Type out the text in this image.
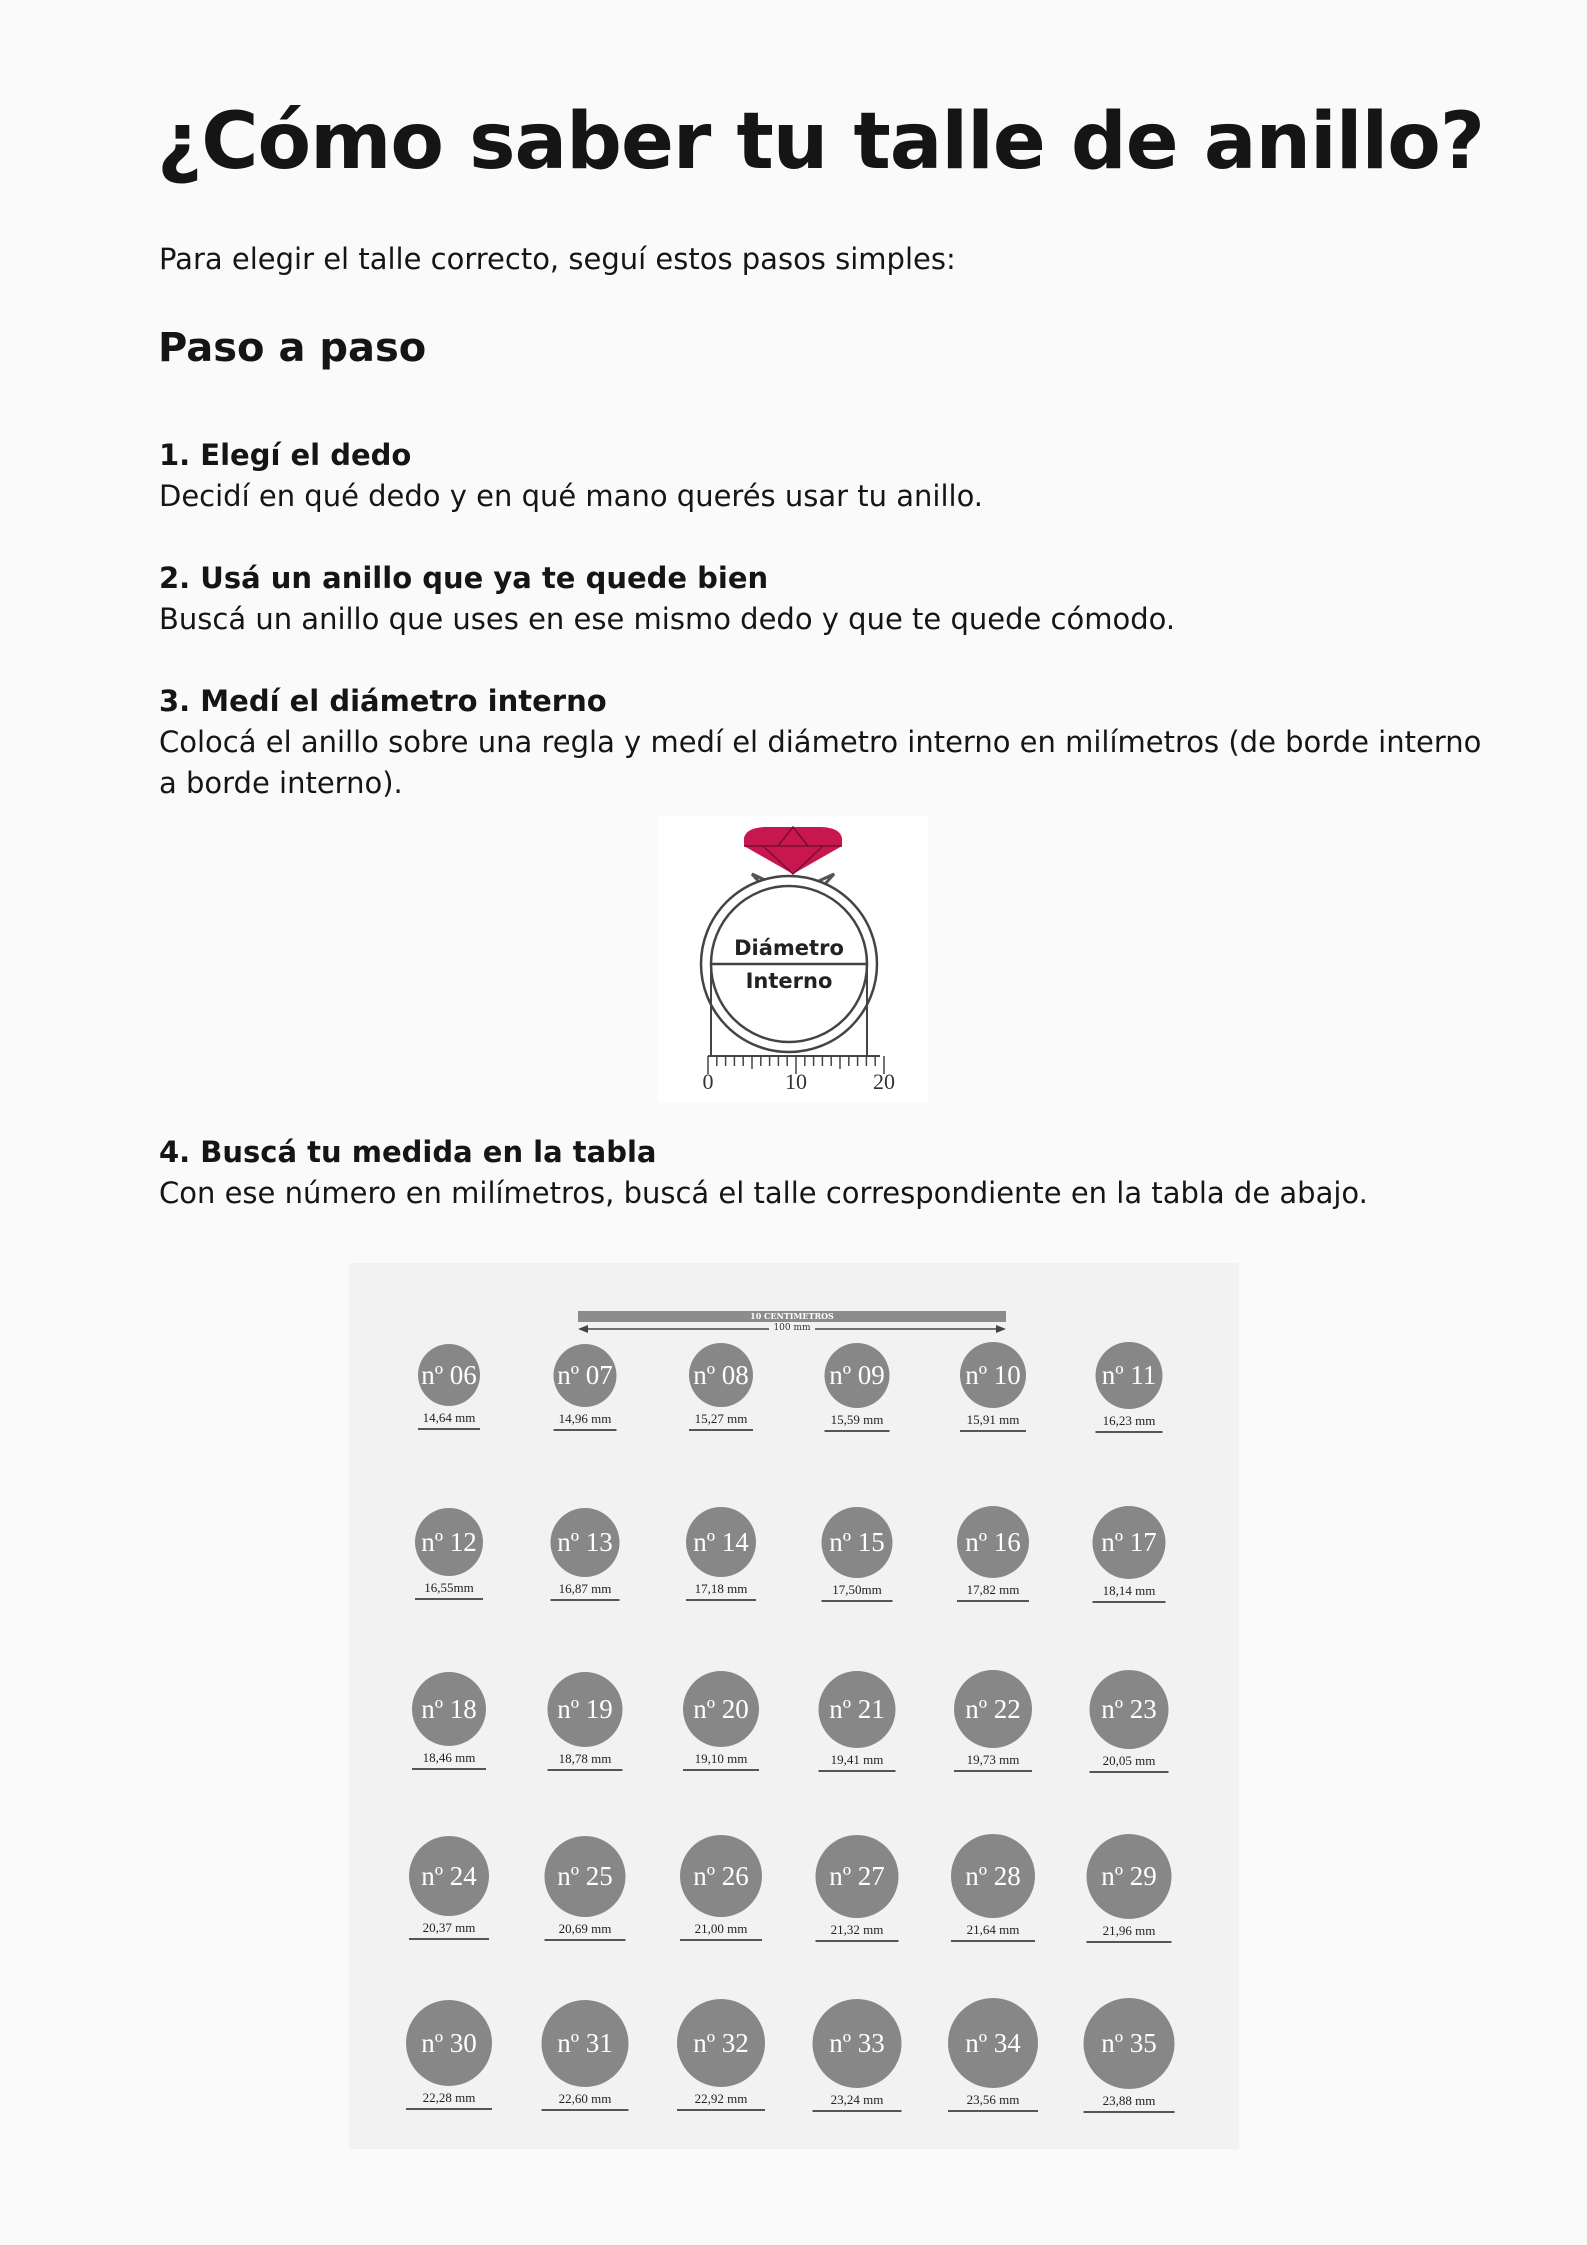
¿Cómo saber tu talle de anillo?
Para elegir el talle correcto, seguí estos pasos simples:
Paso a paso
1. Elegí el dedo
Decidí en qué dedo y en qué mano querés usar tu anillo.
2. Usá un anillo que ya te quede bien
Buscá un anillo que uses en ese mismo dedo y que te quede cómodo.
3. Medí el diámetro interno
Colocá el anillo sobre una regla y medí el diámetro interno en milímetros (de borde interno a borde interno).
Diámetro
Interno
0	10	20
4. Buscá tu medida en la tabla
Con ese número en milímetros, buscá el talle correspondiente en la tabla de abajo.
10 CENTIMETROS
100 mm
nº 06
14,64 mm
nº 07
14,96 mm
nº 08
15,27 mm
nº 09
15,59 mm
nº 10
15,91 mm
nº 11
16,23 mm
nº 12
16,55mm
nº 13
16,87 mm
nº 14
17,18 mm
nº 15
17,50mm
nº 16
17,82 mm
nº 17
18,14 mm
nº 18
18,46 mm
nº 19
18,78 mm
nº 20
19,10 mm
nº 21
19,41 mm
nº 22
19,73 mm
nº 23
20,05 mm
nº 24
20,37 mm
nº 25
20,69 mm
nº 26
21,00 mm
nº 27
21,32 mm
nº 28
21,64 mm
nº 29
21,96 mm
nº 30
22,28 mm
nº 31
22,60 mm
nº 32
22,92 mm
nº 33
23,24 mm
nº 34
23,56 mm
nº 35
23,88 mm
